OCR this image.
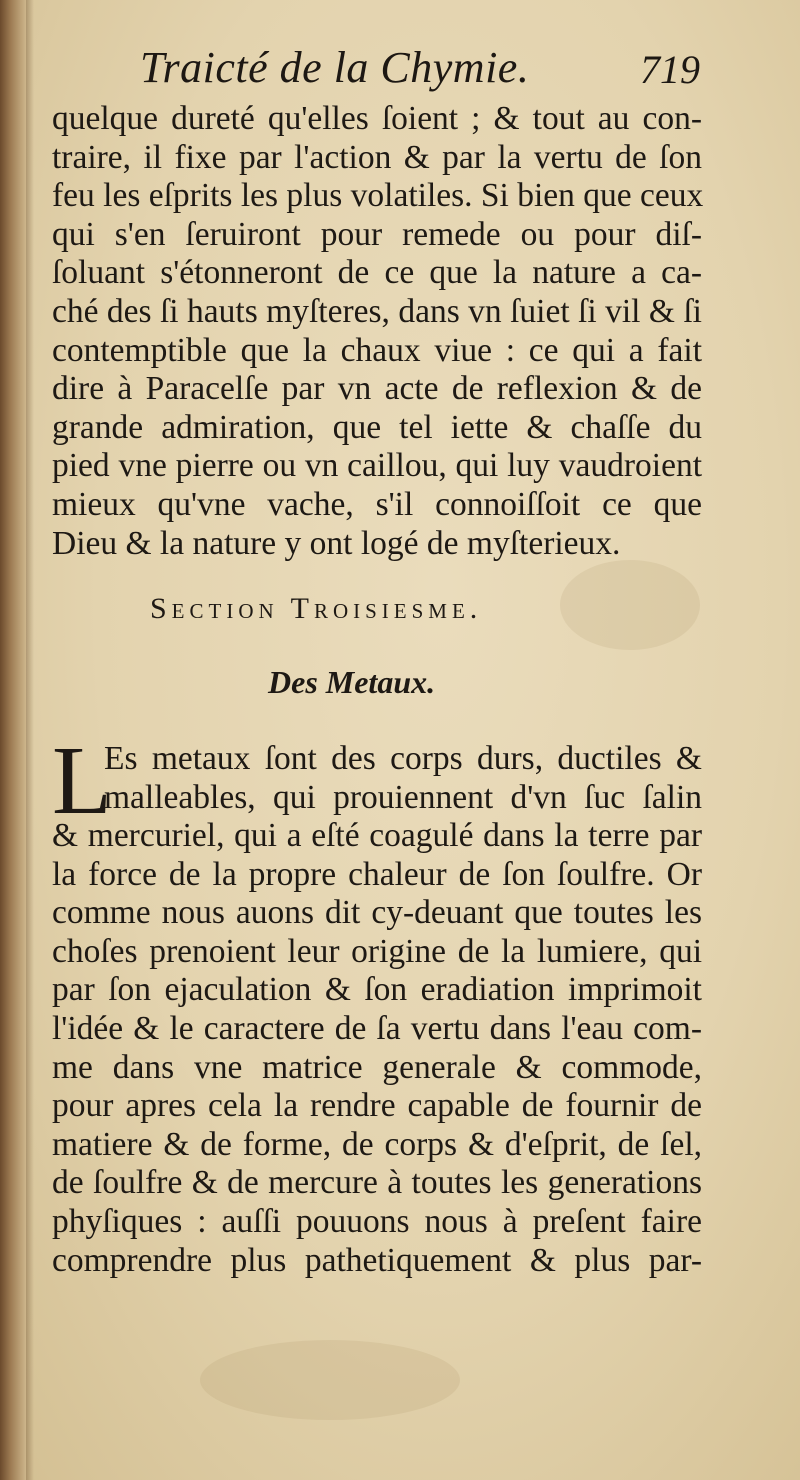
Traicté de la Chymie.	719
quelque dureté qu'elles ſoient ; & tout au con-
traire, il fixe par l'action & par la vertu de ſon
feu les eſprits les plus volatiles. Si bien que ceux
qui s'en ſeruiront pour remede ou pour diſ-
ſoluant s'étonneront de ce que la nature a ca-
ché des ſi hauts myſteres, dans vn ſuiet ſi vil & ſi
contemptible que la chaux viue : ce qui a fait
dire à Paracelſe par vn acte de reflexion & de
grande admiration, que tel iette & chaſſe du
pied vne pierre ou vn caillou, qui luy vaudroient
mieux qu'vne vache, s'il connoiſſoit ce que
Dieu & la nature y ont logé de myſterieux.
Section Troisiesme.
Des Metaux.
L
Es metaux ſont des corps durs, ductiles &
malleables, qui prouiennent d'vn ſuc ſalin
& mercuriel, qui a eſté coagulé dans la terre par
la force de la propre chaleur de ſon ſoulfre. Or
comme nous auons dit cy-deuant que toutes les
choſes prenoient leur origine de la lumiere, qui
par ſon ejaculation & ſon eradiation imprimoit
l'idée & le caractere de ſa vertu dans l'eau com-
me dans vne matrice generale & commode,
pour apres cela la rendre capable de fournir de
matiere & de forme, de corps & d'eſprit, de ſel,
de ſoulfre & de mercure à toutes les generations
phyſiques : auſſi pouuons nous à preſent faire
comprendre plus pathetiquement & plus par-
